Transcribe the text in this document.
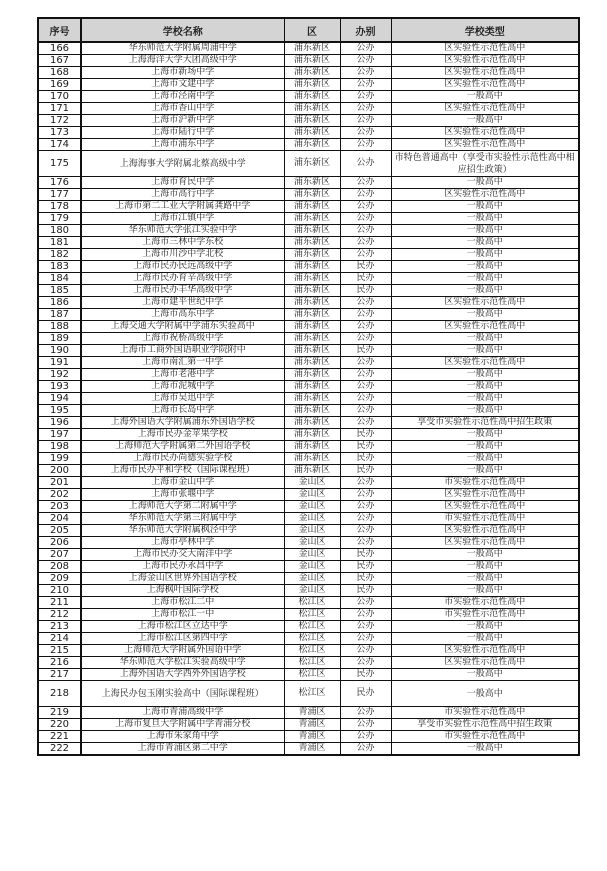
序号	学校名称	区	办别	学校类型
166	华东师范大学附属周浦中学	浦东新区	公办	区实验性示范性高中
167	上海海洋大学大团高级中学	浦东新区	公办	区实验性示范性高中
168	上海市新场中学	浦东新区	公办	区实验性示范性高中
169	上海市文建中学	浦东新区	公办	区实验性示范性高中
170	上海市泾南中学	浦东新区	公办	一般高中
171	上海市香山中学	浦东新区	公办	区实验性示范性高中
172	上海市沪新中学	浦东新区	公办	一般高中
173	上海市陆行中学	浦东新区	公办	区实验性示范性高中
174	上海市浦东中学	浦东新区	公办	区实验性示范性高中
175	上海海事大学附属北蔡高级中学	浦东新区	公办	市特色普通高中（享受市实验性示范性高中相应招生政策）
176	上海市育民中学	浦东新区	公办	一般高中
177	上海市高行中学	浦东新区	公办	区实验性示范性高中
178	上海市第二工业大学附属龚路中学	浦东新区	公办	一般高中
179	上海市江镇中学	浦东新区	公办	一般高中
180	华东师范大学张江实验中学	浦东新区	公办	一般高中
181	上海市三林中学东校	浦东新区	公办	一般高中
182	上海市川沙中学北校	浦东新区	公办	一般高中
183	上海市民办民远高级中学	浦东新区	民办	一般高中
184	上海市民办育辛高级中学	浦东新区	民办	一般高中
185	上海市民办丰华高级中学	浦东新区	民办	一般高中
186	上海市建平世纪中学	浦东新区	公办	区实验性示范性高中
187	上海市高东中学	浦东新区	公办	一般高中
188	上海交通大学附属中学浦东实验高中	浦东新区	公办	区实验性示范性高中
189	上海市祝桥高级中学	浦东新区	公办	一般高中
190	上海市工商外国语职业学院附中	浦东新区	民办	一般高中
191	上海市南汇第一中学	浦东新区	公办	区实验性示范性高中
192	上海市老港中学	浦东新区	公办	一般高中
193	上海市泥城中学	浦东新区	公办	一般高中
194	上海市吴迅中学	浦东新区	公办	一般高中
195	上海市长岛中学	浦东新区	公办	一般高中
196	上海外国语大学附属浦东外国语学校	浦东新区	公办	享受市实验性示范性高中招生政策
197	上海市民办金苹果学校	浦东新区	民办	一般高中
198	上海师范大学附属第二外国语学校	浦东新区	民办	一般高中
199	上海市民办尚德实验学校	浦东新区	民办	一般高中
200	上海市民办平和学校（国际课程班）	浦东新区	民办	一般高中
201	上海市金山中学	金山区	公办	市实验性示范性高中
202	上海市张堰中学	金山区	公办	区实验性示范性高中
203	上海师范大学第二附属中学	金山区	公办	区实验性示范性高中
204	华东师范大学第三附属中学	金山区	公办	市实验性示范性高中
205	华东师范大学附属枫泾中学	金山区	公办	区实验性示范性高中
206	上海市亭林中学	金山区	公办	区实验性示范性高中
207	上海市民办交大南洋中学	金山区	民办	一般高中
208	上海市民办永昌中学	金山区	民办	一般高中
209	上海金山区世界外国语学校	金山区	民办	一般高中
210	上海枫叶国际学校	金山区	民办	一般高中
211	上海市松江二中	松江区	公办	市实验性示范性高中
212	上海市松江一中	松江区	公办	市实验性示范性高中
213	上海市松江区立达中学	松江区	公办	一般高中
214	上海市松江区第四中学	松江区	公办	一般高中
215	上海师范大学附属外国语中学	松江区	公办	区实验性示范性高中
216	华东师范大学松江实验高级中学	松江区	公办	区实验性示范性高中
217	上海外国语大学西外外国语学校	松江区	民办	一般高中
218	上海民办包玉刚实验高中（国际课程班）	松江区	民办	一般高中
219	上海市青浦高级中学	青浦区	公办	市实验性示范性高中
220	上海市复旦大学附属中学青浦分校	青浦区	公办	享受市实验性示范性高中招生政策
221	上海市朱家角中学	青浦区	公办	市实验性示范性高中
222	上海市青浦区第二中学	青浦区	公办	一般高中
